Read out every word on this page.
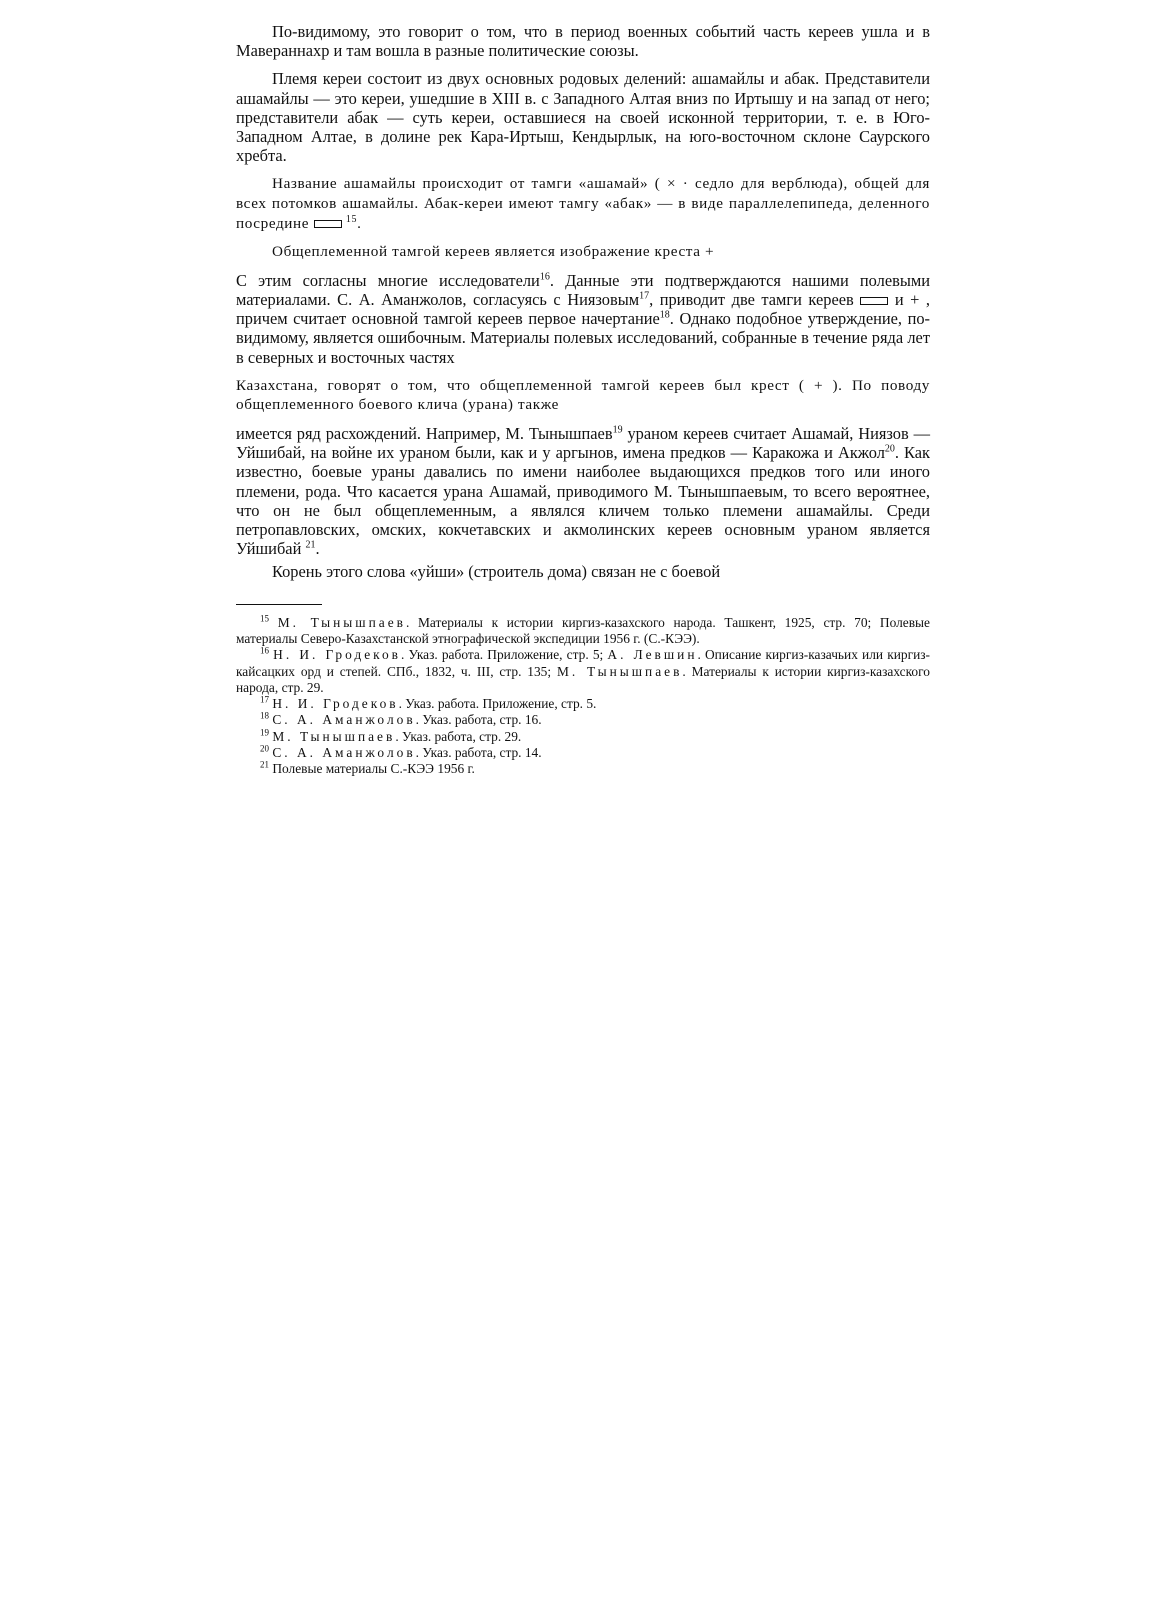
По-видимому, это говорит о том, что в период военных событий часть кереев ушла и в Мавераннахр и там вошла в разные политические союзы.

Племя кереи состоит из двух основных родовых делений: ашамайлы и абак. Представители ашамайлы — это кереи, ушедшие в XIII в. с Западного Алтая вниз по Иртышу и на запад от него; представители абак — суть кереи, оставшиеся на своей исконной территории, т. е. в Юго-Западном Алтае, в долине рек Кара-Иртыш, Кендырлык, на юго-восточном склоне Саурского хребта.

Название ашамайлы происходит от тамги «ашамай» ( × · седло для верблюда), общей для всех потомков ашамайлы. Абак-кереи имеют тамгу «абак» — в виде параллелепипеда, деленного посредине	$^{15}$.

Общеплеменной тамгой кереев является изображение креста +

С этим согласны многие исследователи$^{16}$. Данные эти подтверждаются нашими полевыми материалами. С. А. Аманжолов, согласуясь с Ниязовым$^{17}$, приводит две тамги кереев	и + , причем считает основной тамгой кереев первое начертание$^{18}$. Однако подобное утверждение, по-видимому, является ошибочным. Материалы полевых исследований, собранные в течение ряда лет в северных и восточных частях

Казахстана, говорят о том, что общеплеменной тамгой кереев был крест ( + ). По поводу общеплеменного боевого клича (урана) также

имеется ряд расхождений. Например, М. Тынышпаев$^{19}$ ураном кереев считает Ашамай, Ниязов — Уйшибай, на войне их ураном были, как и у аргынов, имена предков — Каракожа и Акжол$^{20}$. Как известно, боевые ураны давались по имени наиболее выдающихся предков того или иного племени, рода. Что касается урана Ашамай, приводимого М. Тынышпаевым, то всего вероятнее, что он не был общеплеменным, а являлся кличем только племени ашамайлы. Среди петропавловских, омских, кокчетавских и акмолинских кереев основным ураном является Уйшибай $^{21}$.

Корень этого слова «уйши» (строитель дома) связан не с боевой

$^{15}$ М. Тынышпаев. Материалы к истории киргиз-казахского народа. Ташкент, 1925, стр. 70; Полевые материалы Северо-Казахстанской этнографической экспедиции 1956 г. (С.-КЭЭ).

$^{16}$ Н. И. Гродеков. Указ. работа. Приложение, стр. 5; А. Левшин. Описание киргиз-казачьих или киргиз-кайсацких орд и степей. СПб., 1832, ч. III, стр. 135; М. Тынышпаев. Материалы к истории киргиз-казахского народа, стр. 29.

$^{17}$ Н. И. Гродеков. Указ. работа. Приложение, стр. 5.

$^{18}$ С. А. Аманжолов. Указ. работа, стр. 16.

$^{19}$ М. Тынышпаев. Указ. работа, стр. 29.

$^{20}$ С. А. Аманжолов. Указ. работа, стр. 14.

$^{21}$ Полевые материалы С.-КЭЭ 1956 г.
